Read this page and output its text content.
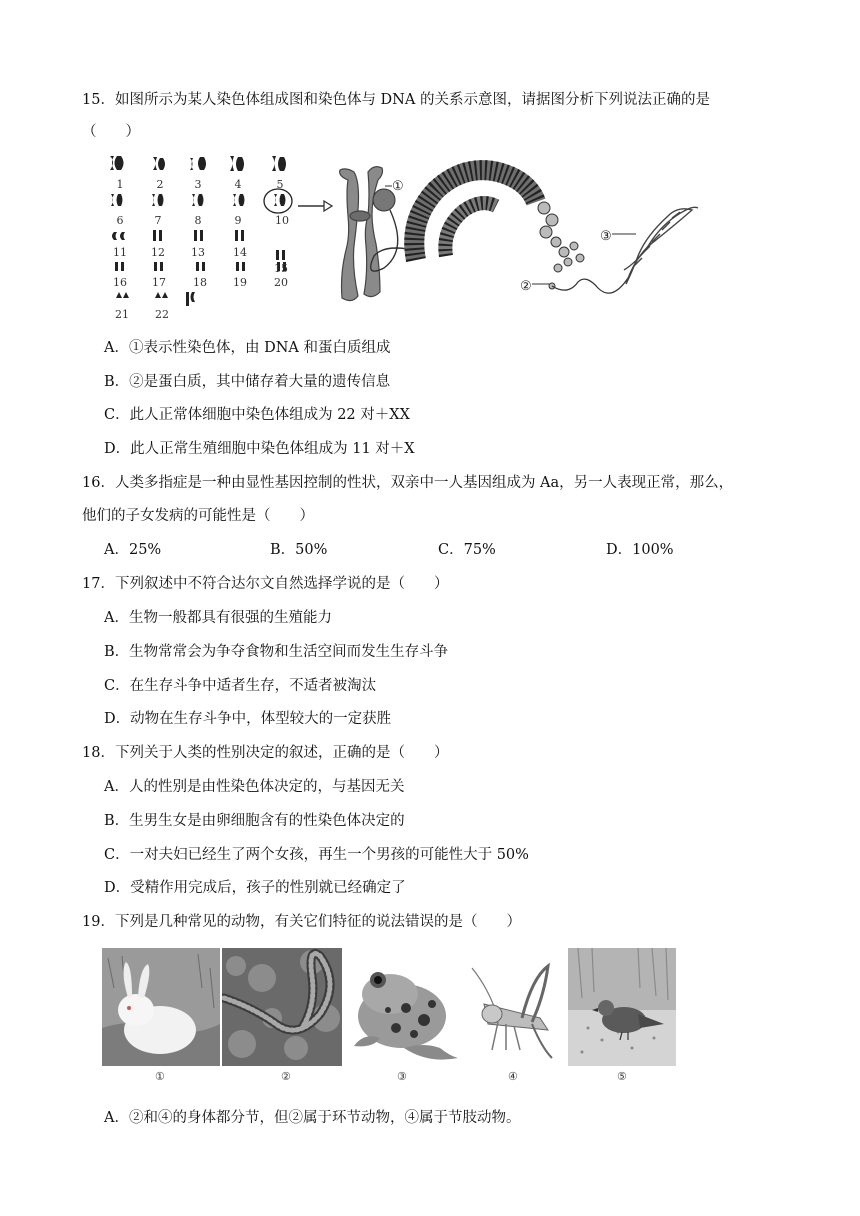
15．如图所示为某人染色体组成图和染色体与 DNA 的关系示意图，请据图分析下列说法正确的是
（　　）
1	2	3	4	5
6	7	8	9	10
11 12 13	14
15
16 17 18 19 20
21 22
①
②
③
A．①表示性染色体，由 DNA 和蛋白质组成
B．②是蛋白质，其中储存着大量的遗传信息
C．此人正常体细胞中染色体组成为 22 对＋XX
D．此人正常生殖细胞中染色体组成为 11 对＋X
16．人类多指症是一种由显性基因控制的性状，双亲中一人基因组成为 Aa，另一人表现正常，那么，
他们的子女发病的可能性是（　　）
A．25%	B．50%	C．75%	D．100%
17．下列叙述中不符合达尔文自然选择学说的是（　　）
A．生物一般都具有很强的生殖能力
B．生物常常会为争夺食物和生活空间而发生生存斗争
C．在生存斗争中适者生存，不适者被淘汰
D．动物在生存斗争中，体型较大的一定获胜
18．下列关于人类的性别决定的叙述，正确的是（　　）
A．人的性别是由性染色体决定的，与基因无关
B．生男生女是由卵细胞含有的性染色体决定的
C．一对夫妇已经生了两个女孩，再生一个男孩的可能性大于 50%
D．受精作用完成后，孩子的性别就已经确定了
19．下列是几种常见的动物，有关它们特征的说法错误的是（　　）
①	②	③	④	⑤
A．②和④的身体都分节，但②属于环节动物，④属于节肢动物。
